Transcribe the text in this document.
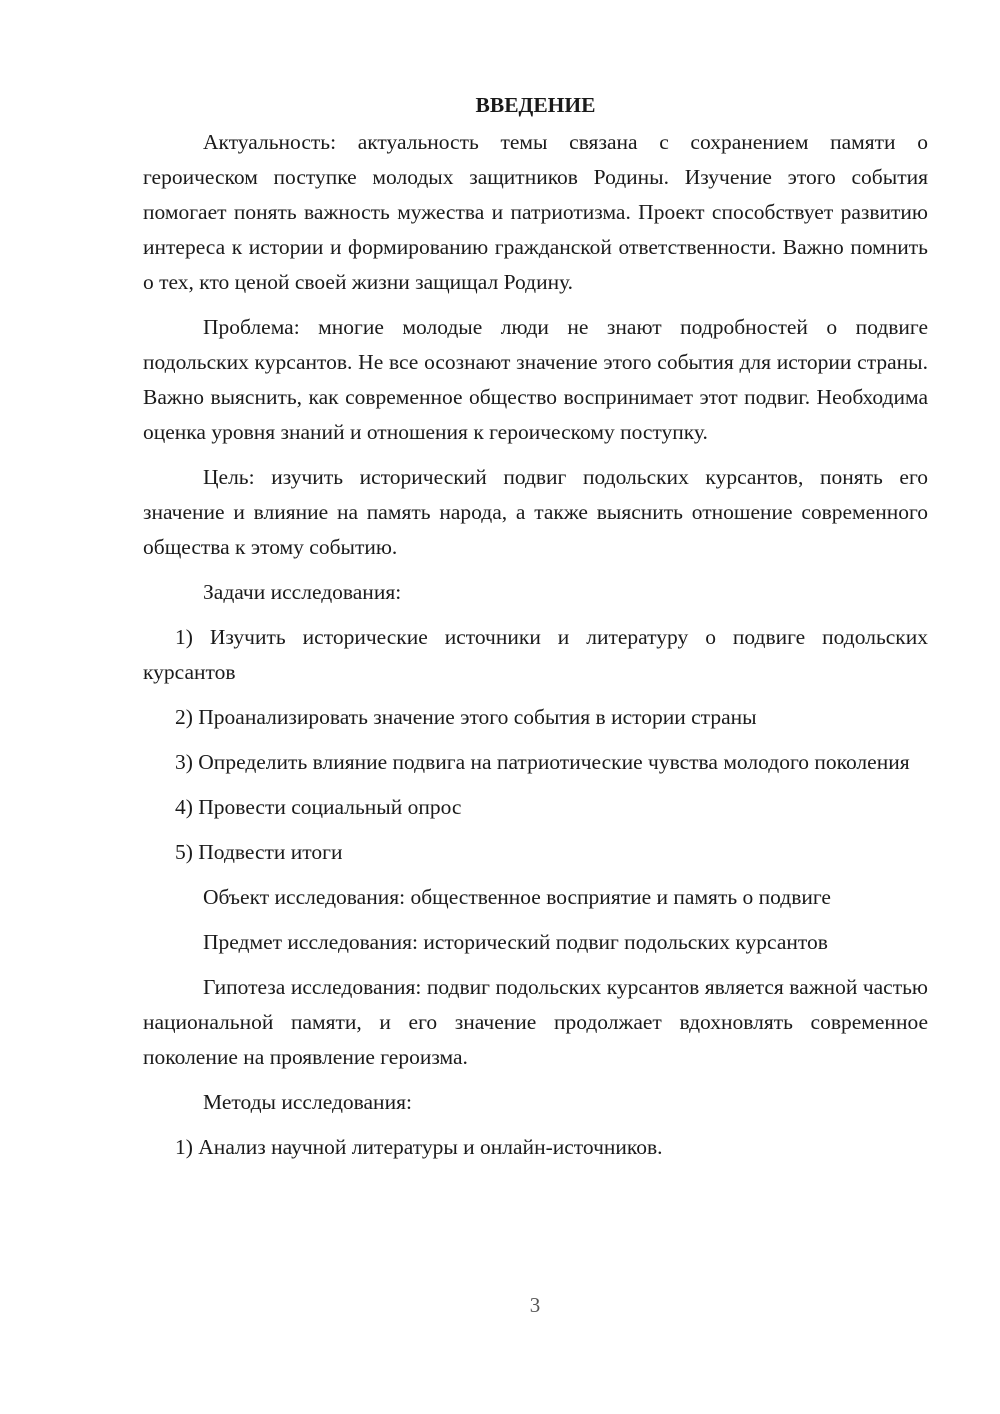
ВВЕДЕНИЕ

Актуальность: актуальность темы связана с сохранением памяти о героическом поступке молодых защитников Родины. Изучение этого события помогает понять важность мужества и патриотизма. Проект способствует развитию интереса к истории и формированию гражданской ответственности. Важно помнить о тех, кто ценой своей жизни защищал Родину.

Проблема: многие молодые люди не знают подробностей о подвиге подольских курсантов. Не все осознают значение этого события для истории страны. Важно выяснить, как современное общество воспринимает этот подвиг. Необходима оценка уровня знаний и отношения к героическому поступку.

Цель: изучить исторический подвиг подольских курсантов, понять его значение и влияние на память народа, а также выяснить отношение современного общества к этому событию.

Задачи исследования:

1) Изучить исторические источники и литературу о подвиге подольских курсантов

2) Проанализировать значение этого события в истории страны

3) Определить влияние подвига на патриотические чувства молодого поколения

4) Провести социальный опрос

5) Подвести итоги

Объект исследования: общественное восприятие и память о подвиге

Предмет исследования: исторический подвиг подольских курсантов

Гипотеза исследования: подвиг подольских курсантов является важной частью национальной памяти, и его значение продолжает вдохновлять современное поколение на проявление героизма.

Методы исследования:

1) Анализ научной литературы и онлайн-источников.

3
